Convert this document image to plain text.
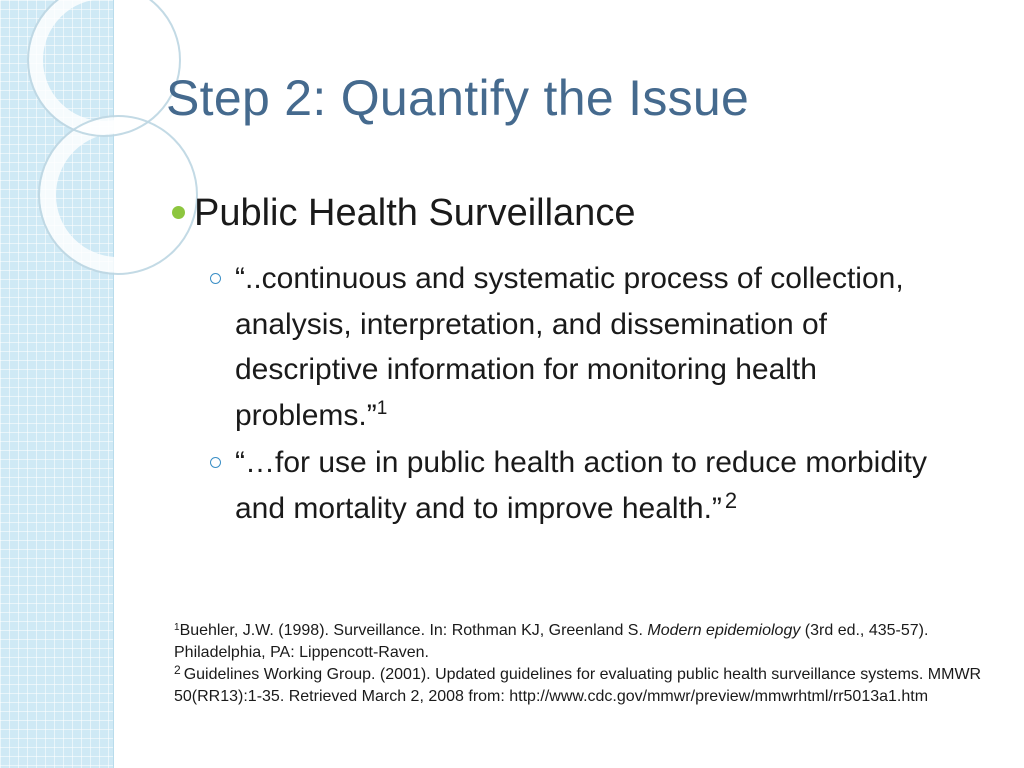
Step 2: Quantify the Issue
Public Health Surveillance
“..continuous and systematic process of collection, analysis, interpretation, and dissemination of descriptive information for monitoring health problems.”$^1$
“…for use in public health action to reduce morbidity and mortality and to improve health.” $^2$

$^1$Buehler, J.W. (1998). Surveillance. In: Rothman KJ, Greenland S. Modern epidemiology (3rd ed., 435-57). Philadelphia, PA: Lippencott-Raven.

$^2$ Guidelines Working Group. (2001). Updated guidelines for evaluating public health surveillance systems. MMWR 50(RR13):1-35. Retrieved March 2, 2008 from: http://www.cdc.gov/mmwr/preview/mmwrhtml/rr5013a1.htm
